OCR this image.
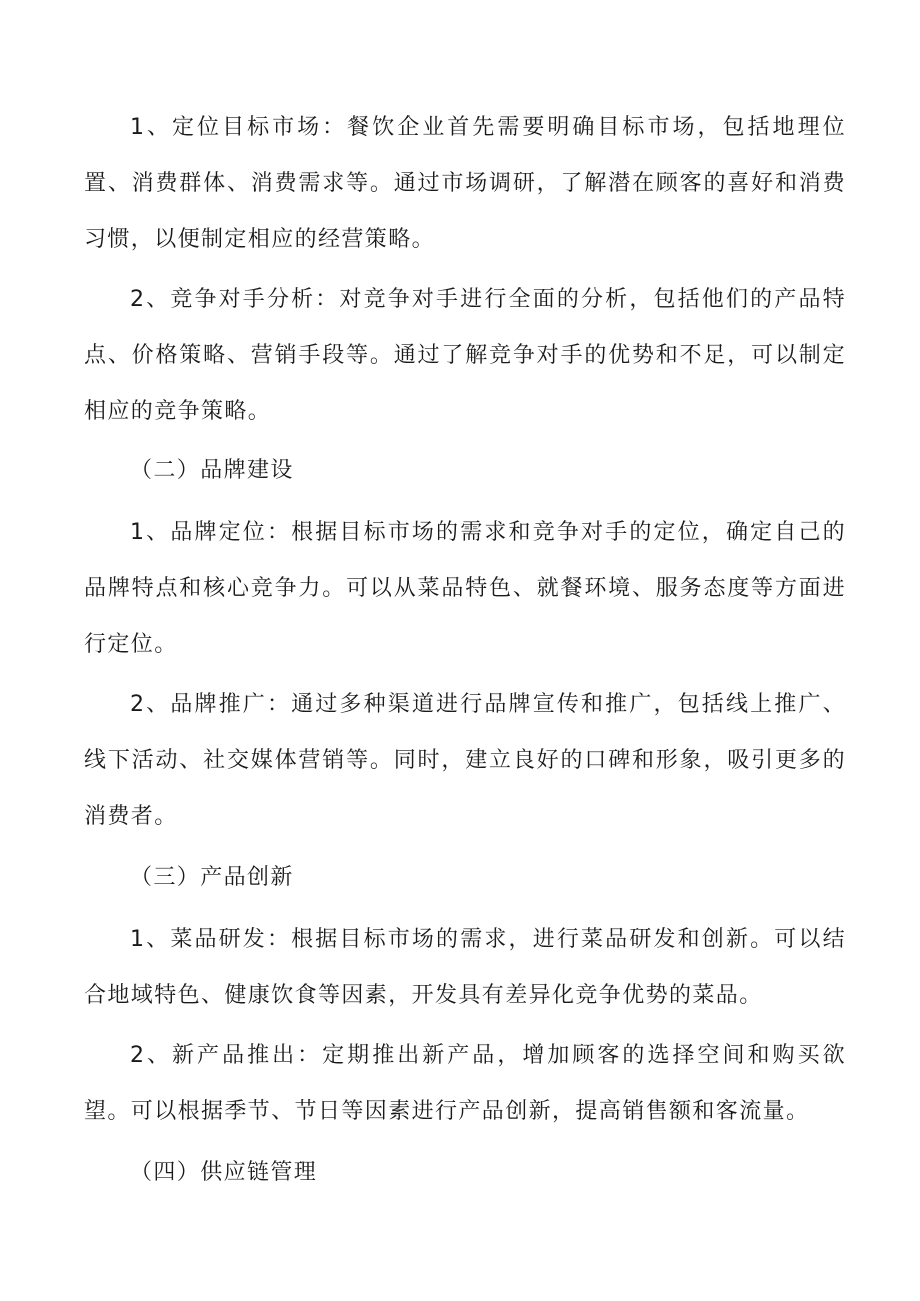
1、定位目标市场：餐饮企业首先需要明确目标市场，包括地理位置、消费群体、消费需求等。通过市场调研，了解潜在顾客的喜好和消费习惯，以便制定相应的经营策略。

2、竞争对手分析：对竞争对手进行全面的分析，包括他们的产品特点、价格策略、营销手段等。通过了解竞争对手的优势和不足，可以制定相应的竞争策略。

（二）品牌建设

1、品牌定位：根据目标市场的需求和竞争对手的定位，确定自己的品牌特点和核心竞争力。可以从菜品特色、就餐环境、服务态度等方面进行定位。

2、品牌推广：通过多种渠道进行品牌宣传和推广，包括线上推广、线下活动、社交媒体营销等。同时，建立良好的口碑和形象，吸引更多的消费者。

（三）产品创新

1、菜品研发：根据目标市场的需求，进行菜品研发和创新。可以结合地域特色、健康饮食等因素，开发具有差异化竞争优势的菜品。

2、新产品推出：定期推出新产品，增加顾客的选择空间和购买欲望。可以根据季节、节日等因素进行产品创新，提高销售额和客流量。

（四）供应链管理
